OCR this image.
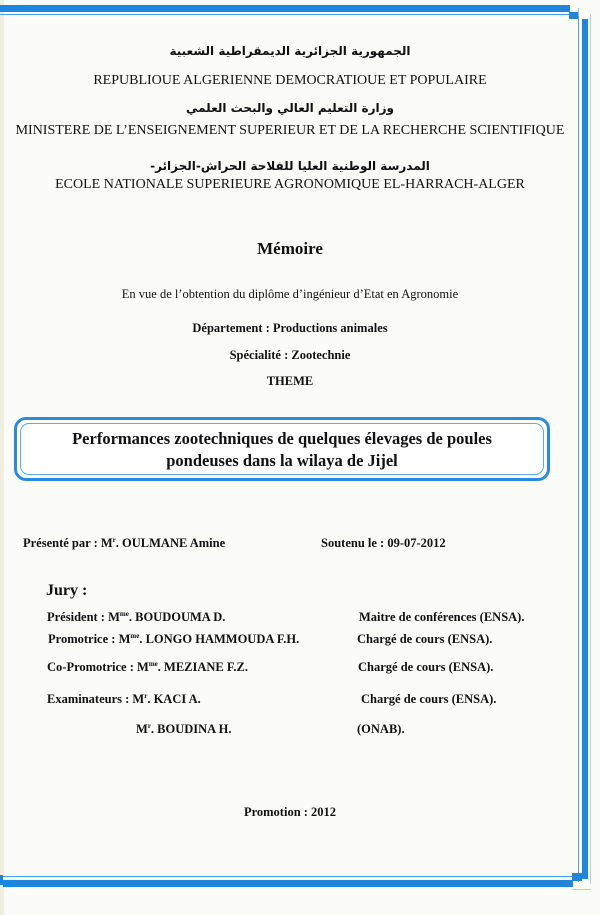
الجمهورية الجزائرية الديمقراطية الشعبية
REPUBLIOUE ALGERIENNE DEMOCRATIOUE ET POPULAIRE
وزارة التعليم العالي والبحث العلمي
MINISTERE DE L’ENSEIGNEMENT SUPERIEUR ET DE LA RECHERCHE SCIENTIFIQUE
المدرسة الوطنية العليا للفلاحة الحراش-الجزائر-
ECOLE NATIONALE SUPERIEURE AGRONOMIQUE EL-HARRACH-ALGER
Mémoire
En vue de l’obtention du diplôme d’ingénieur d’Etat en Agronomie
Département : Productions animales
Spécialité : Zootechnie
THEME
Performances zootechniques de quelques élevages de poules
pondeuses dans la wilaya de Jijel
Présenté par : $M^r$. OULMANE Amine	Soutenu le : 09-07-2012
Jury :
Président : $M^{me}$. BOUDOUMA D.	Maitre de conférences (ENSA).
Promotrice : $M^{me}$. LONGO HAMMOUDA F.H.	Chargé de cours (ENSA).
Co-Promotrice : $M^{me}$. MEZIANE F.Z.	Chargé de cours (ENSA).
Examinateurs : $M^r$. KACI A.	Chargé de cours (ENSA).
$M^r$. BOUDINA H.	(ONAB).
Promotion : 2012
